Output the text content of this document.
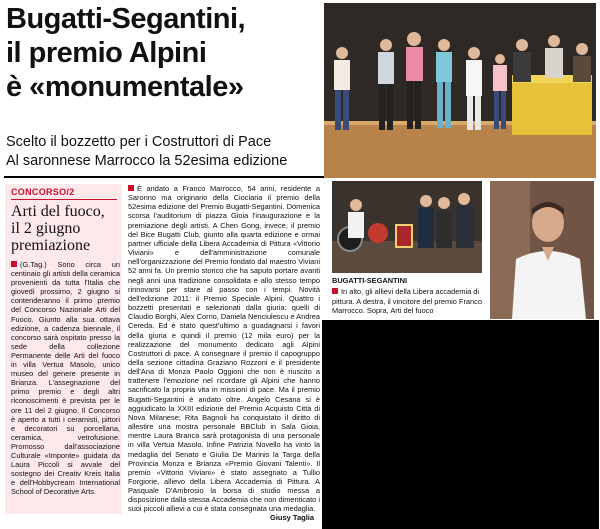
Bugatti-Segantini,
il premio Alpini
è «monumentale»
Scelto il bozzetto per i Costruttori di Pace
Al saronnese Marrocco la 52esima edizione
CONCORSO/2
Arti del fuoco,
il 2 giugno
premiazione
(G.Tag.) Sono circa un centinaio gli artisti della ceramica provenienti da tutta l'Italia che giovedì prossimo, 2 giugno si contenderanno il primo premio del Concorso Nazionale Arti del Fuoco. Giunto alla sua ottava edizione, a cadenza biennale, il concorso sarà ospitato presso la sede della collezione Permanente delle Arti del fuoco in villa Vertua Masolo, unico museo del genere presente in Brianza. L'assegnazione del primo premio e degli altri riconoscimenti è prevista per le ore 11 del 2 giugno. Il Concorso è aperto a tutti i ceramisti, pittori e decoratori su porcellana, ceramica, vetrofusione. Promosso dall'associazione Culturale «Imponte» guidata da Laura Piccoli si avvale del sostegno dei Creativ Kreis Italia e dell'Hobbycream International School of Decorative Arts.
È andato a Franco Marrocco, 54 anni, residente a Saronno ma originario della Ciociaria il premio della 52esima edizione del Premio Bugatti-Segantini. Domenica scorsa l'auditorium di piazza Gioia l'inaugurazione e la premiazione degli artisti. A Chen Gong, invece, il premio del Bice Bugatti Club, giunto alla quarta edizione e ormai partner ufficiale della Libera Accademia di Pittura «Vittorio Viviani» e dell'amministrazione comunale nell'organizzazione del Premio fondato dal maestro Viviani 52 anni fa. Un premio storico che ha saputo portare avanti negli anni una tradizione consolidata e allo stesso tempo rinnovarsi per stare al passo con i tempi. Novità dell'edizione 2011: il Premio Speciale Alpini. Quattro i bozzetti presentati e selezionati dalla giuria: quelli di Claudio Borghi, Alex Corno, Daniela Nenciulescu e Andrea Cereda. Ed è stato quest'ultimo a guadagnarsi i favori della giuria e quindi il premio (12 mila euro) per la realizzazione del monumento dedicato agli Alpini Costruttori di pace. A consegnare il premio il capogruppo della sezione cittadina Graziano Rozzoni e il presidente dell'Ana di Monza Paolo Oggioni che non è riuscito a trattenere l'emozione nel ricordare gli Alpini che hanno sacrificato la propria vita in missioni di pace. Ma il premio Bugatti-Segantini è andato oltre. Angelo Cesana si è aggiudicato la XXIII edizione del Premio Acquisto Città di Nova Milanese; Rita Bagnoli ha conquistato il diritto di allestire una mostra personale BBClub in Sala Gioia, mentre Laura Branca sarà protagonista di una personale in villa Vertua Masolo. Infine Patrizia Novello ha vinto la medaglia del Senato e Giulia De Marinis la Targa della Provincia Monza e Brianza «Premio Giovani Talenti». Il premio «Vittorio Viviani» è stato assegnato a Tullio Forgiorie, allievo della Libera Accademia di Pittura. A Pasquale D'Ambrosio la borsa di studio messa a disposizione dalla stessa Accademia che non dimenticato i suoi piccoli allievi a cui è stata consegnata una medaglia.
Giusy Taglia
BUGATTI-SEGANTINI
In alto, gli allievi della Libera accademia di pittura. A destra, il vincitore del premio Franco Marrocco. Sopra, Arti del fuoco
